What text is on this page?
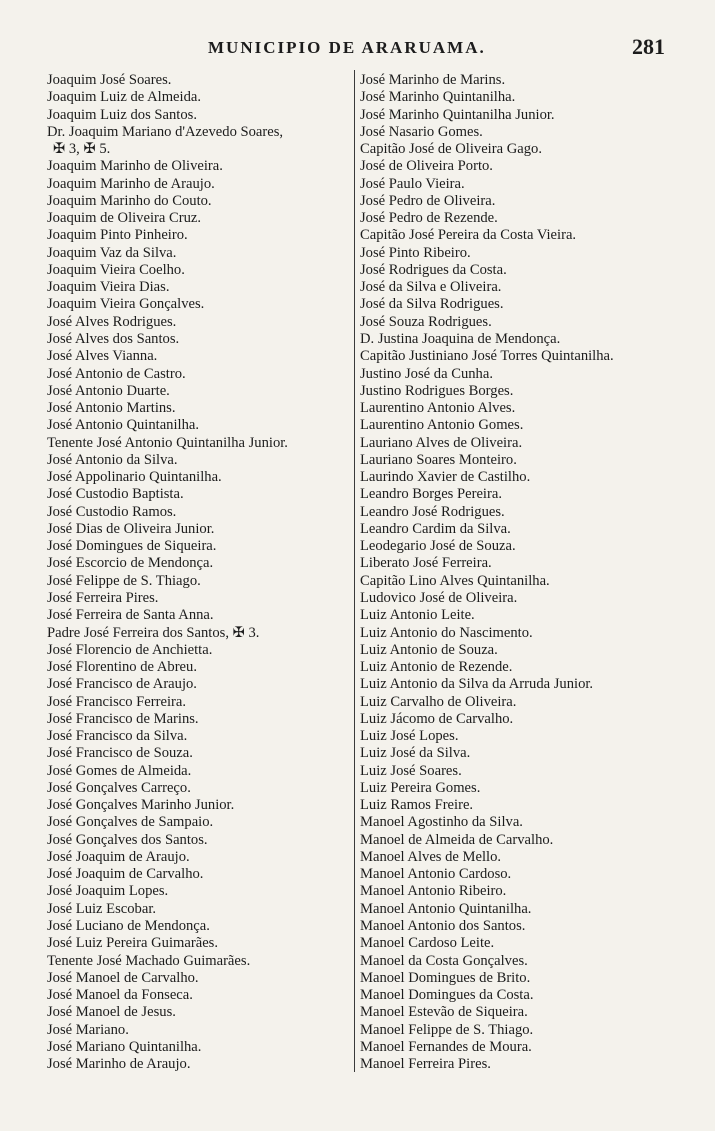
MUNICIPIO DE ARARUAMA.	281
Joaquim José Soares.
Joaquim Luiz de Almeida.
Joaquim Luiz dos Santos.
Dr. Joaquim Mariano d'Azevedo Soares,
✠ 3, ✠ 5.
Joaquim Marinho de Oliveira.
Joaquim Marinho de Araujo.
Joaquim Marinho do Couto.
Joaquim de Oliveira Cruz.
Joaquim Pinto Pinheiro.
Joaquim Vaz da Silva.
Joaquim Vieira Coelho.
Joaquim Vieira Dias.
Joaquim Vieira Gonçalves.
José Alves Rodrigues.
José Alves dos Santos.
José Alves Vianna.
José Antonio de Castro.
José Antonio Duarte.
José Antonio Martins.
José Antonio Quintanilha.
Tenente José Antonio Quintanilha Junior.
José Antonio da Silva.
José Appolinario Quintanilha.
José Custodio Baptista.
José Custodio Ramos.
José Dias de Oliveira Junior.
José Domingues de Siqueira.
José Escorcio de Mendonça.
José Felippe de S. Thiago.
José Ferreira Pires.
José Ferreira de Santa Anna.
Padre José Ferreira dos Santos, ✠ 3.
José Florencio de Anchietta.
José Florentino de Abreu.
José Francisco de Araujo.
José Francisco Ferreira.
José Francisco de Marins.
José Francisco da Silva.
José Francisco de Souza.
José Gomes de Almeida.
José Gonçalves Carreço.
José Gonçalves Marinho Junior.
José Gonçalves de Sampaio.
José Gonçalves dos Santos.
José Joaquim de Araujo.
José Joaquim de Carvalho.
José Joaquim Lopes.
José Luiz Escobar.
José Luciano de Mendonça.
José Luiz Pereira Guimarães.
Tenente José Machado Guimarães.
José Manoel de Carvalho.
José Manoel da Fonseca.
José Manoel de Jesus.
José Mariano.
José Mariano Quintanilha.
José Marinho de Araujo.
José Marinho de Marins.
José Marinho Quintanilha.
José Marinho Quintanilha Junior.
José Nasario Gomes.
Capitão José de Oliveira Gago.
José de Oliveira Porto.
José Paulo Vieira.
José Pedro de Oliveira.
José Pedro de Rezende.
Capitão José Pereira da Costa Vieira.
José Pinto Ribeiro.
José Rodrigues da Costa.
José da Silva e Oliveira.
José da Silva Rodrigues.
José Souza Rodrigues.
D. Justina Joaquina de Mendonça.
Capitão Justiniano José Torres Quintanilha.
Justino José da Cunha.
Justino Rodrigues Borges.
Laurentino Antonio Alves.
Laurentino Antonio Gomes.
Lauriano Alves de Oliveira.
Lauriano Soares Monteiro.
Laurindo Xavier de Castilho.
Leandro Borges Pereira.
Leandro José Rodrigues.
Leandro Cardim da Silva.
Leodegario José de Souza.
Liberato José Ferreira.
Capitão Lino Alves Quintanilha.
Ludovico José de Oliveira.
Luiz Antonio Leite.
Luiz Antonio do Nascimento.
Luiz Antonio de Souza.
Luiz Antonio de Rezende.
Luiz Antonio da Silva da Arruda Junior.
Luiz Carvalho de Oliveira.
Luiz Jácomo de Carvalho.
Luiz José Lopes.
Luiz José da Silva.
Luiz José Soares.
Luiz Pereira Gomes.
Luiz Ramos Freire.
Manoel Agostinho da Silva.
Manoel de Almeida de Carvalho.
Manoel Alves de Mello.
Manoel Antonio Cardoso.
Manoel Antonio Ribeiro.
Manoel Antonio Quintanilha.
Manoel Antonio dos Santos.
Manoel Cardoso Leite.
Manoel da Costa Gonçalves.
Manoel Domingues de Brito.
Manoel Domingues da Costa.
Manoel Estevão de Siqueira.
Manoel Felippe de S. Thiago.
Manoel Fernandes de Moura.
Manoel Ferreira Pires.
